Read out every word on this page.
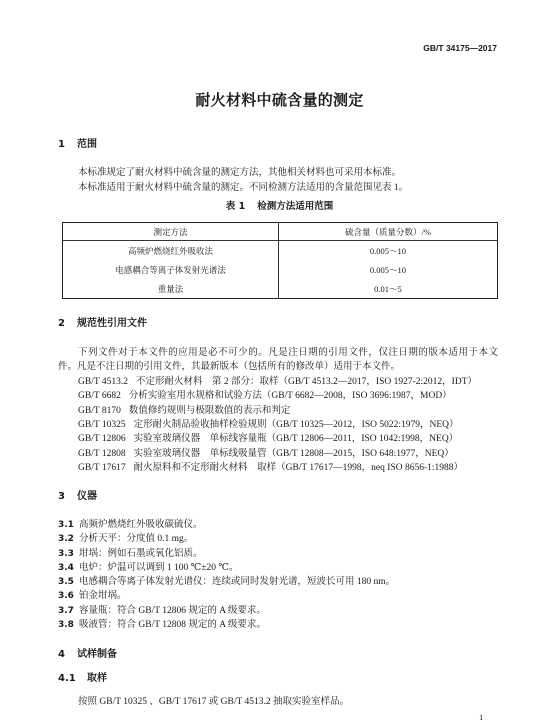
GB/T 34175—2017
耐火材料中硫含量的测定
1 范围

本标准规定了耐火材料中硫含量的测定方法，其他相关材料也可采用本标准。

本标准适用于耐火材料中硫含量的测定。不同检测方法适用的含量范围见表 1。

表 1 检测方法适用范围
测定方法	硫含量（质量分数）/%
高频炉燃烧红外吸收法	0.005～10
电感耦合等离子体发射光谱法	0.005～10
重量法	0.01～5
2 规范性引用文件
下列文件对于本文件的应用是必不可少的。凡是注日期的引用文件，仅注日期的版本适用于本文
件。凡是不注日期的引用文件，其最新版本（包括所有的修改单）适用于本文件。
GB/T 4513.2 不定形耐火材料　第 2 部分：取样（GB/T 4513.2—2017，ISO 1927-2:2012，IDT）
GB/T 6682 分析实验室用水规格和试验方法（GB/T 6682—2008，ISO 3696:1987，MOD）
GB/T 8170 数值修约规则与极限数值的表示和判定
GB/T 10325 定形耐火制品验收抽样检验规则（GB/T 10325—2012，ISO 5022:1979，NEQ）
GB/T 12806 实验室玻璃仪器　单标线容量瓶（GB/T 12806—2011，ISO 1042:1998，NEQ）
GB/T 12808 实验室玻璃仪器　单标线吸量管（GB/T 12808—2015，ISO 648:1977，NEQ）
GB/T 17617 耐火原料和不定形耐火材料　取样（GB/T 17617—1998，neq ISO 8656-1:1988）
3 仪器
3.1 高频炉燃烧红外吸收碳硫仪。
3.2 分析天平：分度值 0.1 mg。
3.3 坩埚：例如石墨或氧化铝质。
3.4 电炉：炉温可以调到 1 100 ℃±20 ℃。
3.5 电感耦合等离子体发射光谱仪：连续或同时发射光谱，短波长可用 180 nm。
3.6 铂金坩埚。
3.7 容量瓶：符合 GB/T 12806 规定的 A 级要求。
3.8 吸液管：符合 GB/T 12808 规定的 A 级要求。
4 试样制备
4.1 取样
按照 GB/T 10325 、GB/T 17617 或 GB/T 4513.2 抽取实验室样品。
1
